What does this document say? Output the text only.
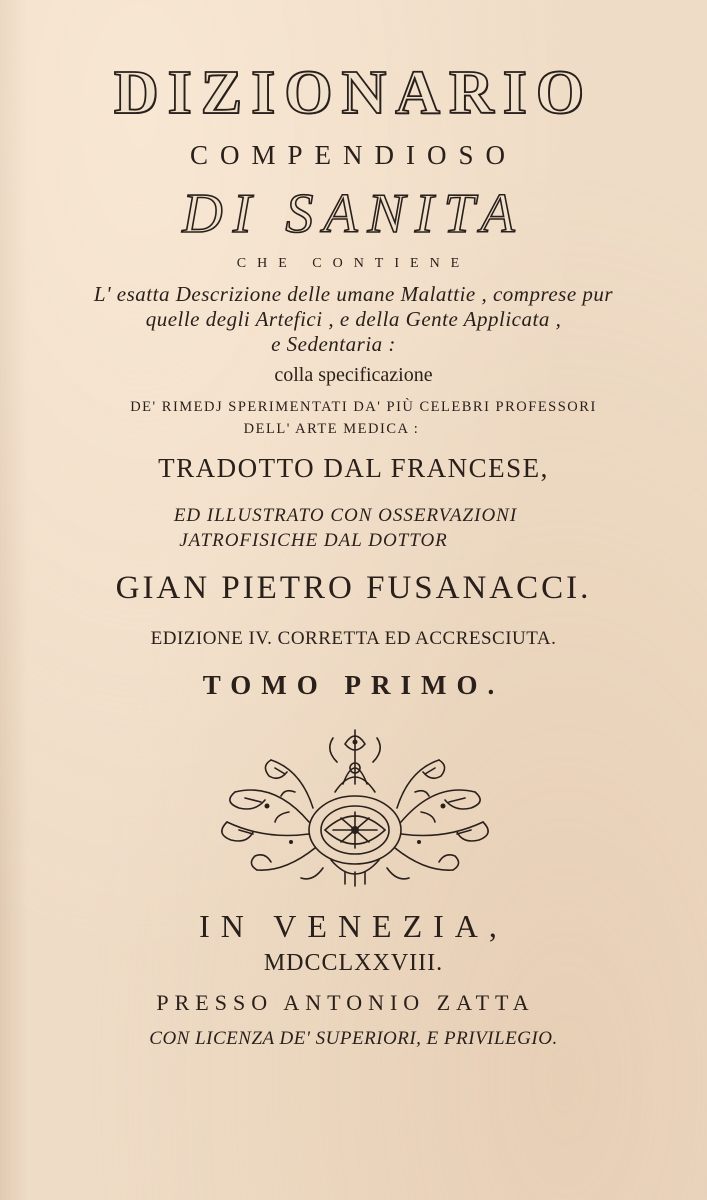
DIZIONARIO
COMPENDIOSO
DI SANITA
CHE CONTIENE
L' esatta Descrizione delle umane Malattie , comprese pur
quelle degli Artefici , e della Gente Applicata ,
e Sedentaria :
colla specificazione
DE' RIMEDJ SPERIMENTATI DA' PIÙ CELEBRI PROFESSORI
DELL' ARTE MEDICA :
TRADOTTO DAL FRANCESE,
ED ILLUSTRATO CON OSSERVAZIONI
JATROFISICHE DAL DOTTOR
GIAN PIETRO FUSANACCI.
EDIZIONE IV. CORRETTA ED ACCRESCIUTA.
TOMO PRIMO.
IN VENEZIA,
MDCCLXXVIII.
PRESSO ANTONIO ZATTA
CON LICENZA DE' SUPERIORI, E PRIVILEGIO.
